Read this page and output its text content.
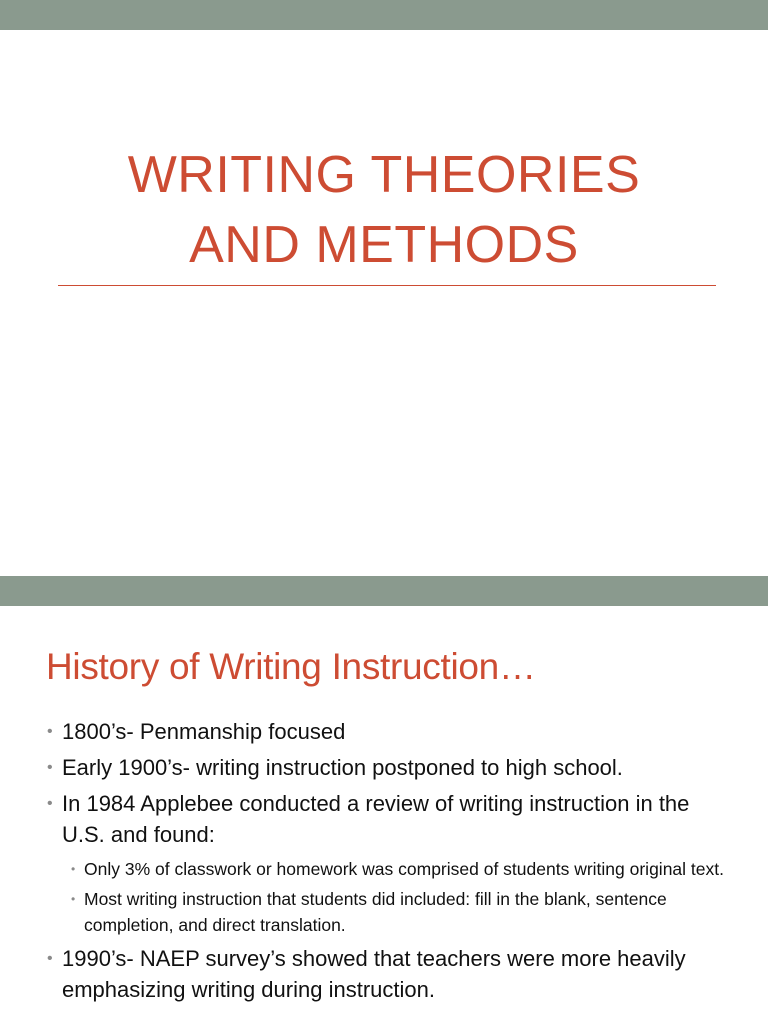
WRITING THEORIES
AND METHODS
History of Writing Instruction…
• 1800’s- Penmanship focused
• Early 1900’s- writing instruction postponed to high school.
• In 1984 Applebee conducted a review of writing instruction in the U.S. and found:
• Only 3% of classwork or homework was comprised of students writing original text.
• Most writing instruction that students did included: fill in the blank, sentence completion, and direct translation.
• 1990’s- NAEP survey’s showed that teachers were more heavily emphasizing writing during instruction.
